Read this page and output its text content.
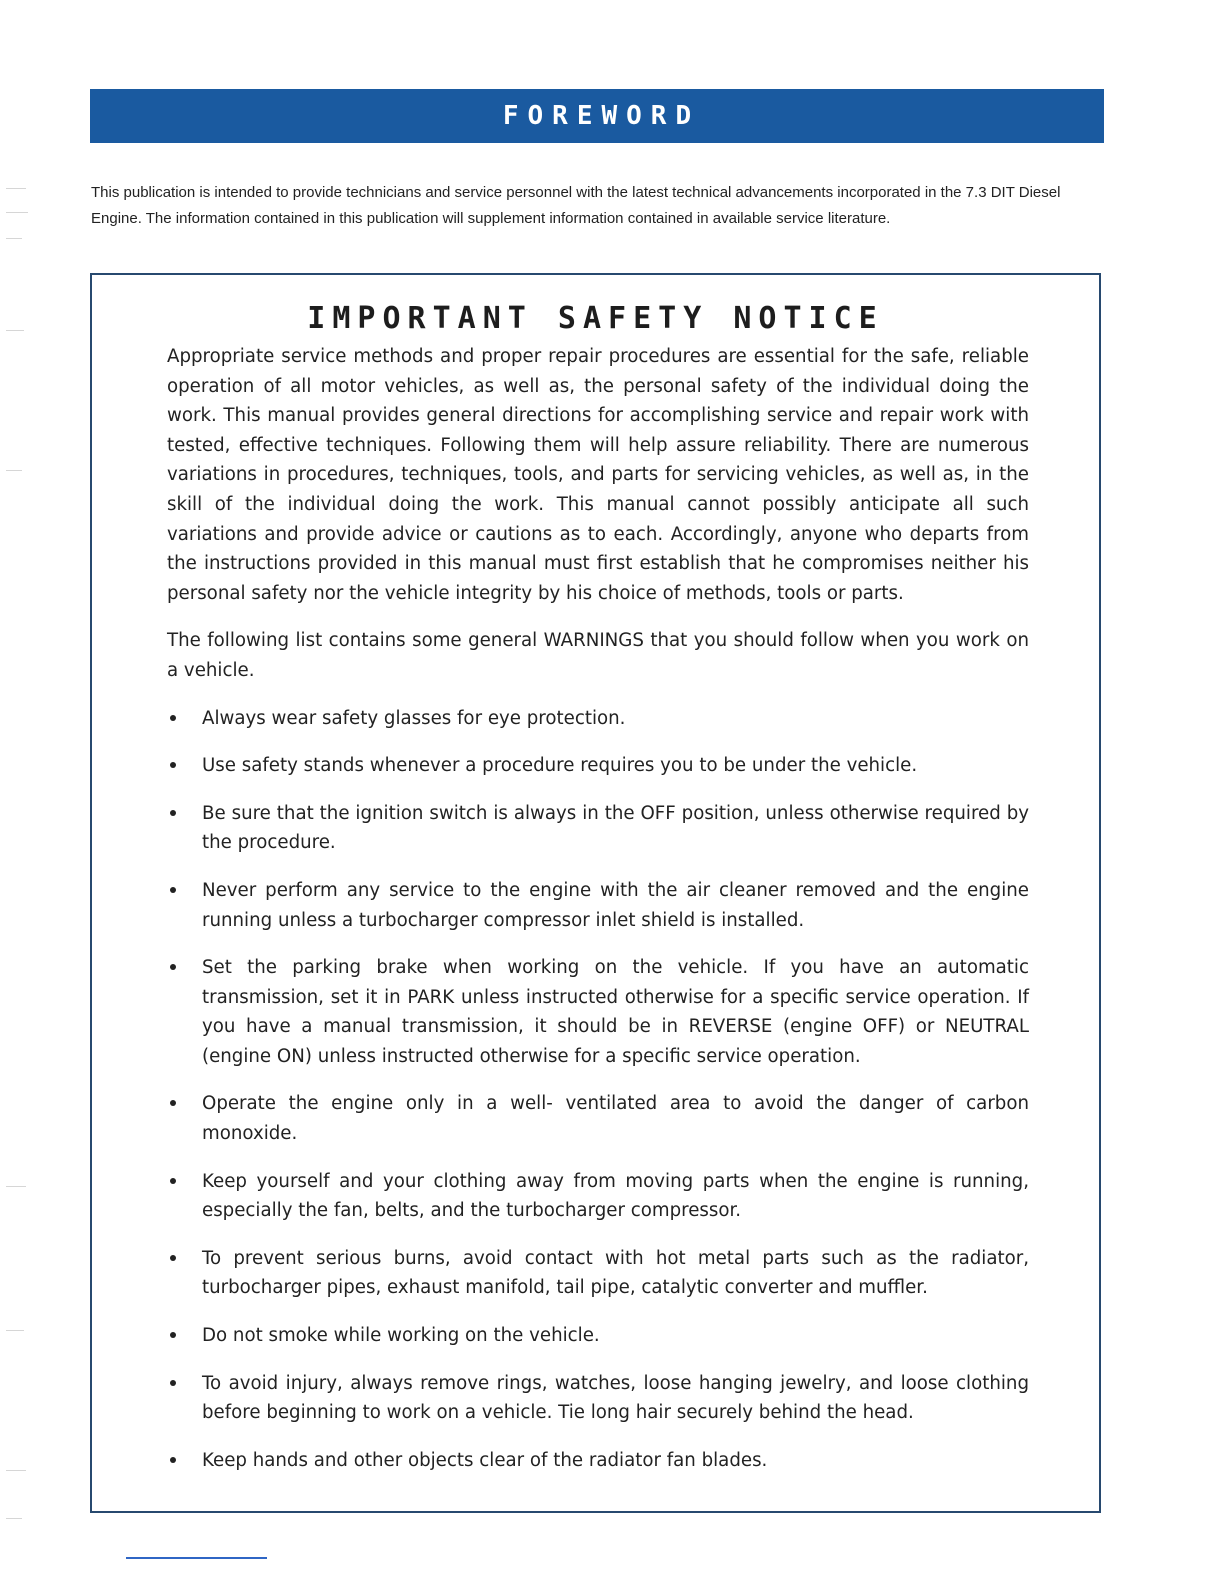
FOREWORD

This publication is intended to provide technicians and service personnel with the latest technical advancements incorporated in the 7.3 DIT Diesel Engine. The information contained in this publication will supplement information contained in available service literature.

IMPORTANT SAFETY NOTICE

Appropriate service methods and proper repair procedures are essential for the safe, reliable operation of all motor vehicles, as well as, the personal safety of the individual doing the work. This manual provides general directions for accomplishing service and repair work with tested, effective techniques. Following them will help assure reliability. There are numerous variations in procedures, techniques, tools, and parts for servicing vehicles, as well as, in the skill of the individual doing the work. This manual cannot possibly anticipate all such variations and provide advice or cautions as to each. Accordingly, anyone who departs from the instructions provided in this manual must first establish that he compromises neither his personal safety nor the vehicle integrity by his choice of methods, tools or parts.

The following list contains some general WARNINGS that you should follow when you work on a vehicle.

Always wear safety glasses for eye protection.
Use safety stands whenever a procedure requires you to be under the vehicle.
Be sure that the ignition switch is always in the OFF position, unless otherwise required by the procedure.
Never perform any service to the engine with the air cleaner removed and the engine running unless a turbocharger compressor inlet shield is installed.
Set the parking brake when working on the vehicle. If you have an automatic transmission, set it in PARK unless instructed otherwise for a specific service operation. If you have a manual transmission, it should be in REVERSE (engine OFF) or NEUTRAL (engine ON) unless instructed otherwise for a specific service operation.
Operate the engine only in a well- ventilated area to avoid the danger of carbon monoxide.
Keep yourself and your clothing away from moving parts when the engine is running, especially the fan, belts, and the turbocharger compressor.
To prevent serious burns, avoid contact with hot metal parts such as the radiator, turbocharger pipes, exhaust manifold, tail pipe, catalytic converter and muffler.
Do not smoke while working on the vehicle.
To avoid injury, always remove rings, watches, loose hanging jewelry, and loose clothing before beginning to work on a vehicle. Tie long hair securely behind the head.
Keep hands and other objects clear of the radiator fan blades.
